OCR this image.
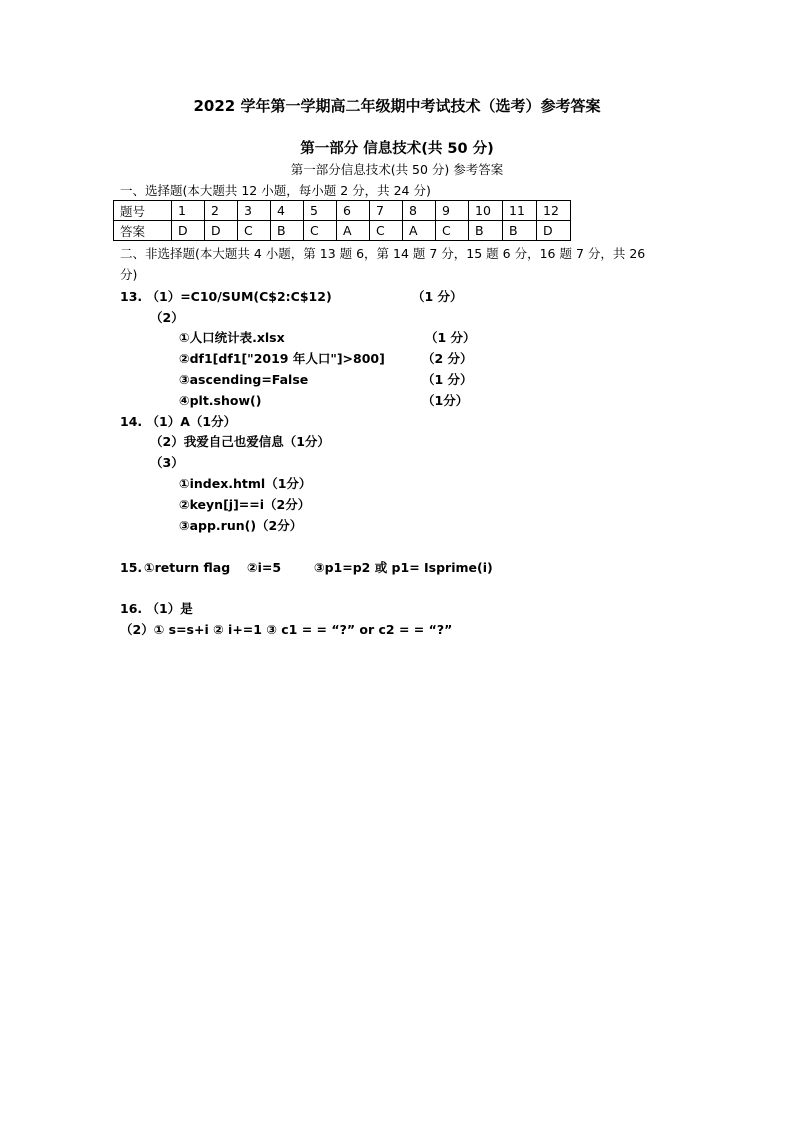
2022 学年第一学期高二年级期中考试技术（选考）参考答案
第一部分 信息技术(共 50 分)
第一部分信息技术(共 50 分) 参考答案
一、选择题(本大题共 12 小题，每小题 2 分，共 24 分)
题号	1	2	3	4	5	6	7	8	9	10	11	12
答案	D	D	C	B	C	A	C	A	C	B	B	D
二、非选择题(本大题共 4 小题，第 13 题 6，第 14 题 7 分，15 题 6 分，16 题 7 分，共 26
分)
13. （1）=C10/SUM(C$2:C$12)	（1 分）
（2）
①人口统计表.xlsx	（1 分）
②df1[df1["2019 年人口"]>800]	（2 分）
③ascending=False	（1 分）
④plt.show()	（1分）
14. （1）A（1分）
（2）我爱自己也爱信息（1分）
（3）
①index.html（1分）
②keyn[j]==i（2分）
③app.run()（2分）
15. ①return flag ②i=5	③p1=p2 或 p1= Isprime(i)
16. （1）是
（2）① s=s+i ② i+=1 ③ c1 = = “?” or c2 = = “?”
